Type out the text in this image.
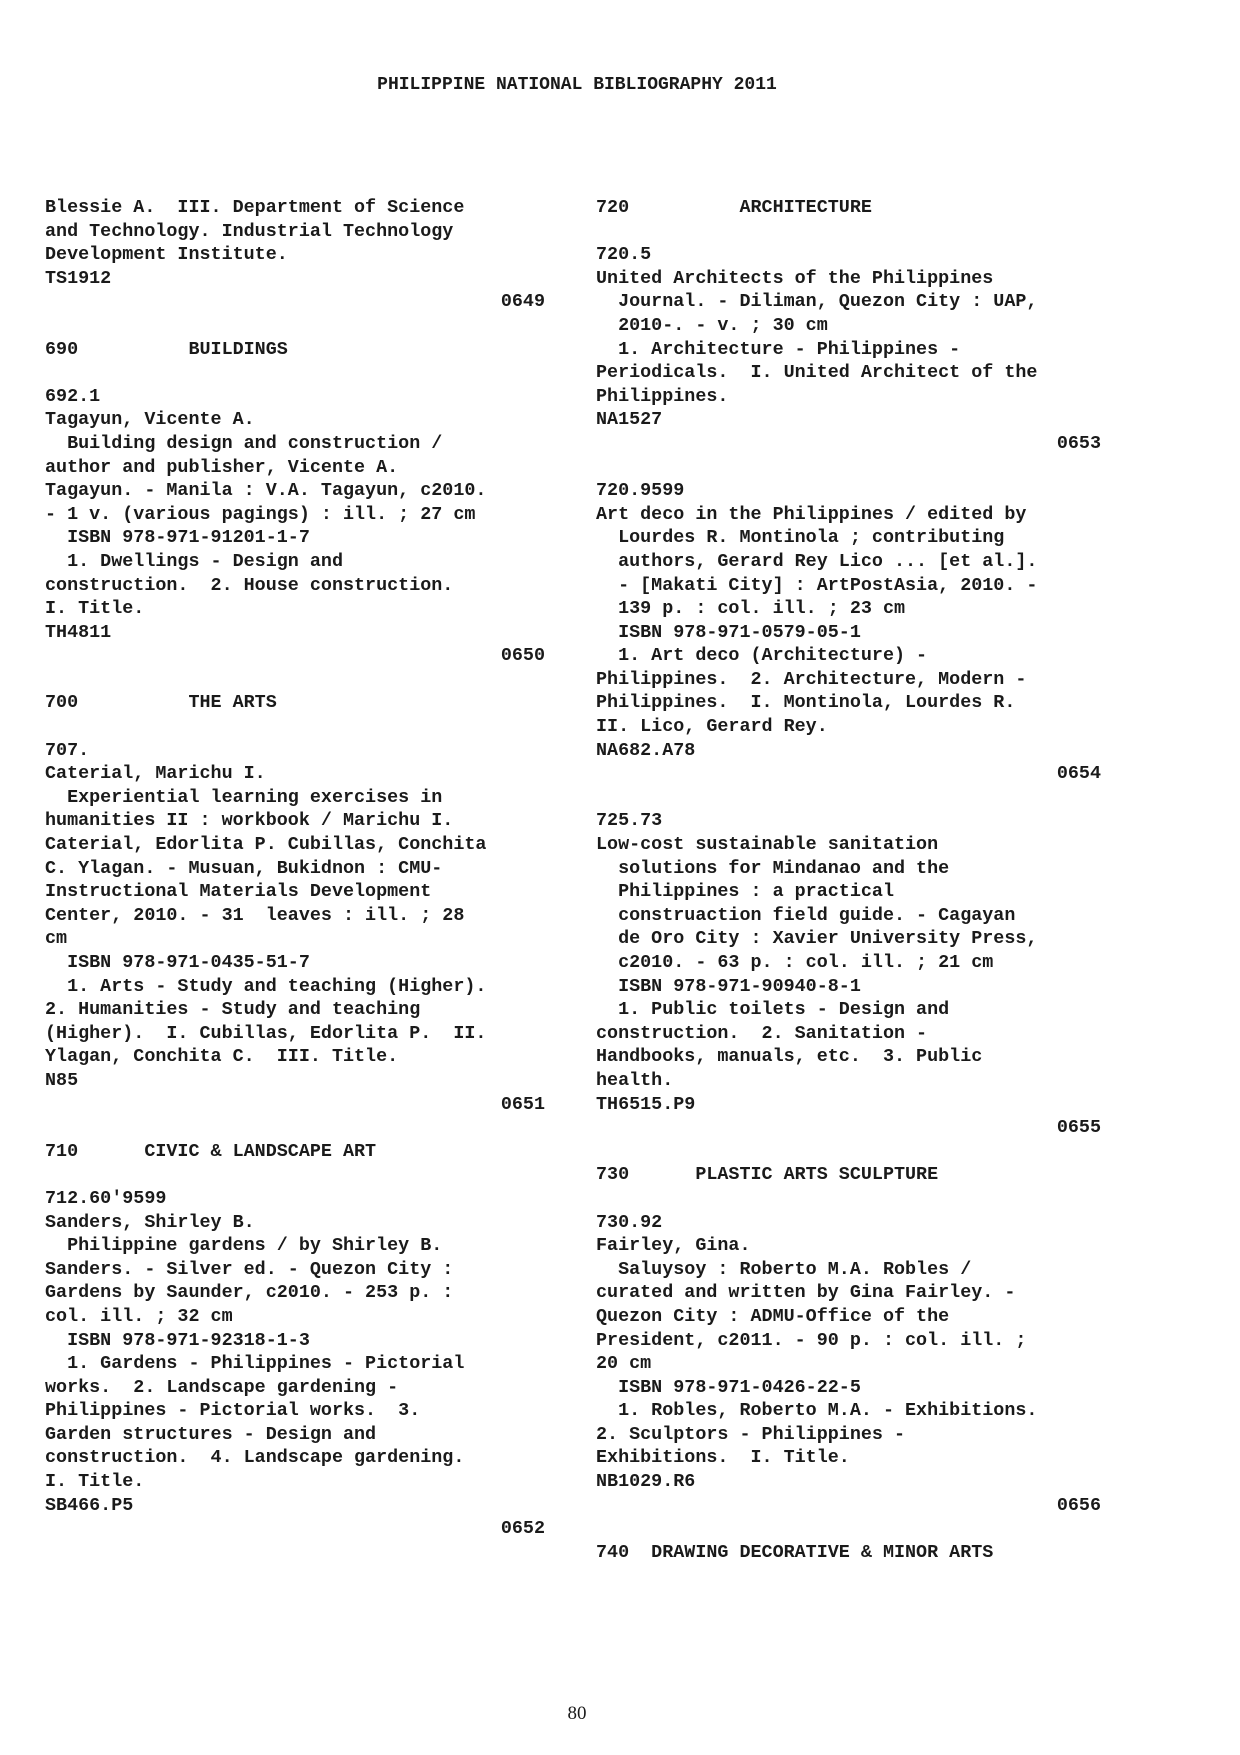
PHILIPPINE NATIONAL BIBLIOGRAPHY 2011
Blessie A.  III. Department of Science
and Technology. Industrial Technology
Development Institute.
TS1912
0649
690          BUILDINGS
692.1
Tagayun, Vicente A.
Building design and construction /
author and publisher, Vicente A.
Tagayun. - Manila : V.A. Tagayun, c2010.
- 1 v. (various pagings) : ill. ; 27 cm
ISBN 978-971-91201-1-7
1. Dwellings - Design and
construction.  2. House construction.
I. Title.
TH4811
0650
700          THE ARTS
707.
Caterial, Marichu I.
Experiential learning exercises in
humanities II : workbook / Marichu I.
Caterial, Edorlita P. Cubillas, Conchita
C. Ylagan. - Musuan, Bukidnon : CMU-
Instructional Materials Development
Center, 2010. - 31  leaves : ill. ; 28
cm
ISBN 978-971-0435-51-7
1. Arts - Study and teaching (Higher).
2. Humanities - Study and teaching
(Higher).  I. Cubillas, Edorlita P.  II.
Ylagan, Conchita C.  III. Title.
N85
0651
710      CIVIC & LANDSCAPE ART
712.60'9599
Sanders, Shirley B.
Philippine gardens / by Shirley B.
Sanders. - Silver ed. - Quezon City :
Gardens by Saunder, c2010. - 253 p. :
col. ill. ; 32 cm
ISBN 978-971-92318-1-3
1. Gardens - Philippines - Pictorial
works.  2. Landscape gardening -
Philippines - Pictorial works.  3.
Garden structures - Design and
construction.  4. Landscape gardening.
I. Title.
SB466.P5
0652
720          ARCHITECTURE
720.5
United Architects of the Philippines
Journal. - Diliman, Quezon City : UAP,
2010-. - v. ; 30 cm
1. Architecture - Philippines -
Periodicals.  I. United Architect of the
Philippines.
NA1527
0653
720.9599
Art deco in the Philippines / edited by
Lourdes R. Montinola ; contributing
authors, Gerard Rey Lico ... [et al.].
- [Makati City] : ArtPostAsia, 2010. -
139 p. : col. ill. ; 23 cm
ISBN 978-971-0579-05-1
1. Art deco (Architecture) -
Philippines.  2. Architecture, Modern -
Philippines.  I. Montinola, Lourdes R.
II. Lico, Gerard Rey.
NA682.A78
0654
725.73
Low-cost sustainable sanitation
solutions for Mindanao and the
Philippines : a practical
construaction field guide. - Cagayan
de Oro City : Xavier University Press,
c2010. - 63 p. : col. ill. ; 21 cm
ISBN 978-971-90940-8-1
1. Public toilets - Design and
construction.  2. Sanitation -
Handbooks, manuals, etc.  3. Public
health.
TH6515.P9
0655
730      PLASTIC ARTS SCULPTURE
730.92
Fairley, Gina.
Saluysoy : Roberto M.A. Robles /
curated and written by Gina Fairley. -
Quezon City : ADMU-Office of the
President, c2011. - 90 p. : col. ill. ;
20 cm
ISBN 978-971-0426-22-5
1. Robles, Roberto M.A. - Exhibitions.
2. Sculptors - Philippines -
Exhibitions.  I. Title.
NB1029.R6
0656
740  DRAWING DECORATIVE & MINOR ARTS
80
